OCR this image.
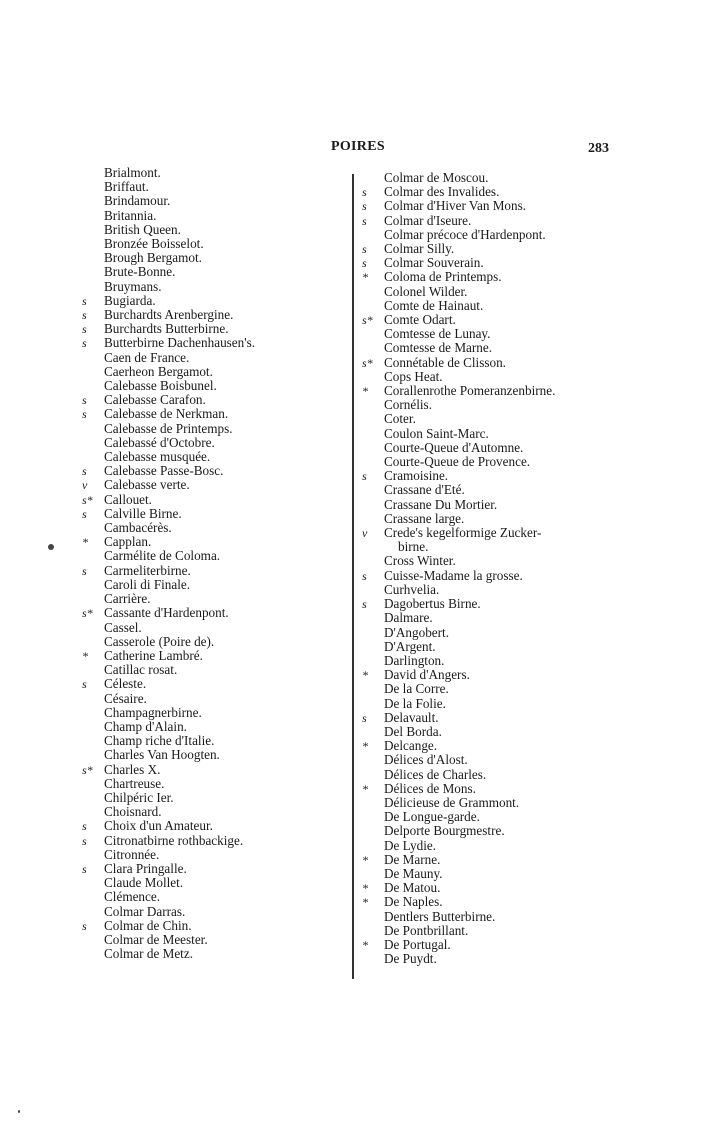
POIRES	283
Brialmont.
Briffaut.
Brindamour.
Britannia.
British Queen.
Bronzée Boisselot.
Brough Bergamot.
Brute-Bonne.
Bruymans.
s	Bugiarda.
s	Burchardts Arenbergine.
s	Burchardts Butterbirne.
s	Butterbirne Dachenhausen's.
Caen de France.
Caerheon Bergamot.
Calebasse Boisbunel.
s	Calebasse Carafon.
s	Calebasse de Nerkman.
Calebasse de Printemps.
Calebassé d'Octobre.
Calebasse musquée.
s	Calebasse Passe-Bosc.
v	Calebasse verte.
s* Callouet.
s	Calville Birne.
Cambacérès.
*	Capplan.
Carmélite de Coloma.
s	Carmeliterbirne.
Caroli di Finale.
Carrière.
s* Cassante d'Hardenpont.
Cassel.
Casserole (Poire de).
*	Catherine Lambré.
Catillac rosat.
s	Céleste.
Césaire.
Champagnerbirne.
Champ d'Alain.
Champ riche d'Italie.
Charles Van Hoogten.
s* Charles X.
Chartreuse.
Chilpéric Ier.
Choisnard.
s	Choix d'un Amateur.
s	Citronatbirne rothbackige.
Citronnée.
s	Clara Pringalle.
Claude Mollet.
Clémence.
Colmar Darras.
s	Colmar de Chin.
Colmar de Meester.
Colmar de Metz.
Colmar de Moscou.
s	Colmar des Invalides.
s	Colmar d'Hiver Van Mons.
s	Colmar d'Iseure.
Colmar précoce d'Hardenpont.
s	Colmar Silly.
s	Colmar Souverain.
*	Coloma de Printemps.
Colonel Wilder.
Comte de Hainaut.
s* Comte Odart.
Comtesse de Lunay.
Comtesse de Marne.
s* Connétable de Clisson.
Cops Heat.
*	Corallenrothe Pomeranzenbirne.
Cornélis.
Coter.
Coulon Saint-Marc.
Courte-Queue d'Automne.
Courte-Queue de Provence.
s	Cramoisine.
Crassane d'Eté.
Crassane Du Mortier.
Crassane large.
v	Crede's kegelformige Zucker-
birne.
Cross Winter.
s	Cuisse-Madame la grosse.
Curhvelia.
s	Dagobertus Birne.
Dalmare.
D'Angobert.
D'Argent.
Darlington.
*	David d'Angers.
De la Corre.
De la Folie.
s	Delavault.
Del Borda.
*	Delcange.
Délices d'Alost.
Délices de Charles.
*	Délices de Mons.
Délicieuse de Grammont.
De Longue-garde.
Delporte Bourgmestre.
De Lydie.
*	De Marne.
De Mauny.
*	De Matou.
*	De Naples.
Dentlers Butterbirne.
De Pontbrillant.
*	De Portugal.
De Puydt.
